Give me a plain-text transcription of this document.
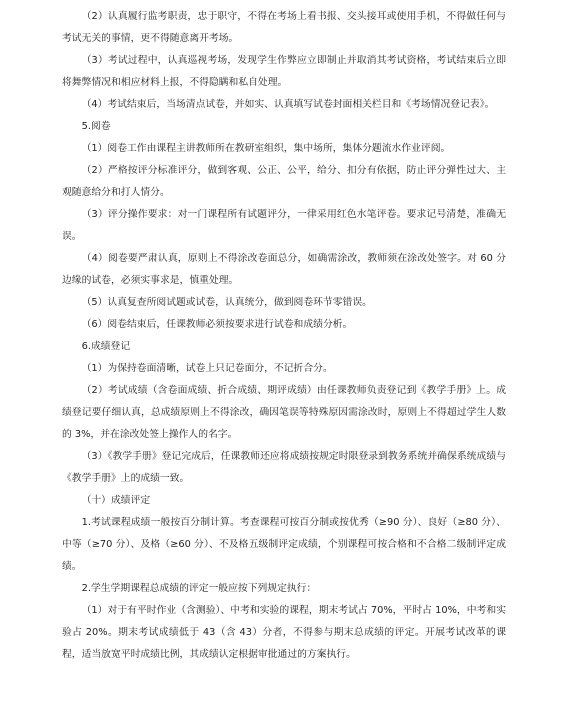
（2）认真履行监考职责，忠于职守，不得在考场上看书报、交头接耳或使用手机，不得做任何与考试无关的事情，更不得随意离开考场。

（3）考试过程中，认真巡视考场，发现学生作弊应立即制止并取消其考试资格，考试结束后立即将舞弊情况和相应材料上报，不得隐瞒和私自处理。

（4）考试结束后，当场清点试卷，并如实、认真填写试卷封面相关栏目和《考场情况登记表》。

5.阅卷

（1）阅卷工作由课程主讲教师所在教研室组织，集中场所，集体分题流水作业评阅。

（2）严格按评分标准评分，做到客观、公正、公平，给分、扣分有依据，防止评分弹性过大、主观随意给分和打人情分。

（3）评分操作要求：对一门课程所有试题评分，一律采用红色水笔评卷。要求记号清楚，准确无误。

（4）阅卷要严肃认真，原则上不得涂改卷面总分，如确需涂改，教师须在涂改处签字。对 60 分边缘的试卷，必须实事求是，慎重处理。

（5）认真复查所阅试题或试卷，认真统分，做到阅卷环节零错误。

（6）阅卷结束后，任课教师必须按要求进行试卷和成绩分析。

6.成绩登记

（1）为保持卷面清晰，试卷上只记卷面分，不记折合分。

（2）考试成绩（含卷面成绩、折合成绩、期评成绩）由任课教师负责登记到《教学手册》上。成绩登记要仔细认真，总成绩原则上不得涂改，确因笔误等特殊原因需涂改时，原则上不得超过学生人数的 3%，并在涂改处签上操作人的名字。

（3）《教学手册》登记完成后，任课教师还应将成绩按规定时限登录到教务系统并确保系统成绩与《教学手册》上的成绩一致。

（十）成绩评定

1.考试课程成绩一般按百分制计算。考查课程可按百分制或按优秀（≥90 分）、良好（≥80 分）、中等（≥70 分）、及格（≥60 分）、不及格五级制评定成绩，个别课程可按合格和不合格二级制评定成绩。

2.学生学期课程总成绩的评定一般应按下列规定执行：

（1）对于有平时作业（含测验）、中考和实验的课程，期末考试占 70%，平时占 10%，中考和实验占 20%。期末考试成绩低于 43（含 43）分者，不得参与期末总成绩的评定。开展考试改革的课程，适当放宽平时成绩比例，其成绩认定根据审批通过的方案执行。
